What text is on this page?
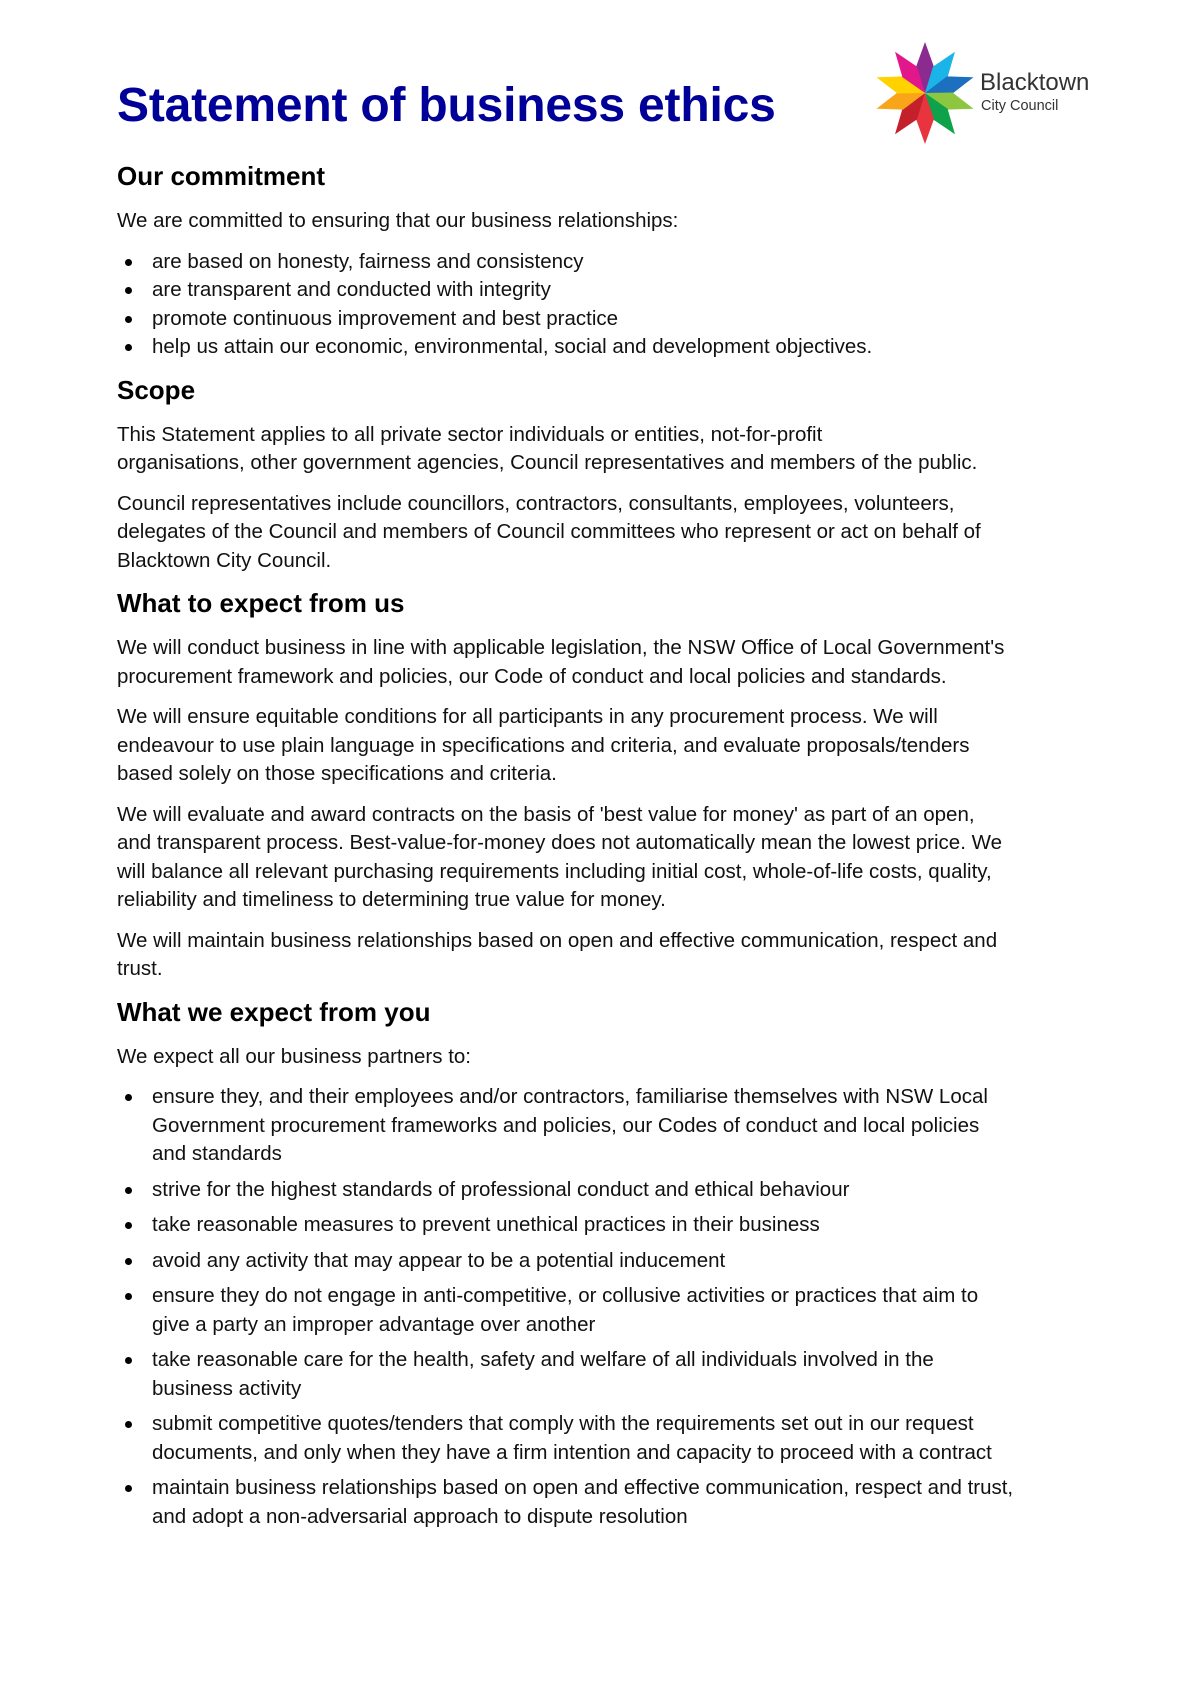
Blacktown
City Council
Statement of business ethics
Our commitment
We are committed to ensuring that our business relationships:
are based on honesty, fairness and consistency
are transparent and conducted with integrity
promote continuous improvement and best practice
help us attain our economic, environmental, social and development objectives.
Scope
This Statement applies to all private sector individuals or entities, not-for-profit
organisations, other government agencies, Council representatives and members of the public.
Council representatives include councillors, contractors, consultants, employees, volunteers,
delegates of the Council and members of Council committees who represent or act on behalf of
Blacktown City Council.
What to expect from us
We will conduct business in line with applicable legislation, the NSW Office of Local Government's
procurement framework and policies, our Code of conduct and local policies and standards.
We will ensure equitable conditions for all participants in any procurement process. We will
endeavour to use plain language in specifications and criteria, and evaluate proposals/tenders
based solely on those specifications and criteria.
We will evaluate and award contracts on the basis of 'best value for money' as part of an open,
and transparent process. Best-value-for-money does not automatically mean the lowest price. We
will balance all relevant purchasing requirements including initial cost, whole-of-life costs, quality,
reliability and timeliness to determining true value for money.
We will maintain business relationships based on open and effective communication, respect and
trust.
What we expect from you
We expect all our business partners to:
ensure they, and their employees and/or contractors, familiarise themselves with NSW Local
Government procurement frameworks and policies, our Codes of conduct and local policies
and standards
strive for the highest standards of professional conduct and ethical behaviour
take reasonable measures to prevent unethical practices in their business
avoid any activity that may appear to be a potential inducement
ensure they do not engage in anti-competitive, or collusive activities or practices that aim to
give a party an improper advantage over another
take reasonable care for the health, safety and welfare of all individuals involved in the
business activity
submit competitive quotes/tenders that comply with the requirements set out in our request
documents, and only when they have a firm intention and capacity to proceed with a contract
maintain business relationships based on open and effective communication, respect and trust,
and adopt a non-adversarial approach to dispute resolution
